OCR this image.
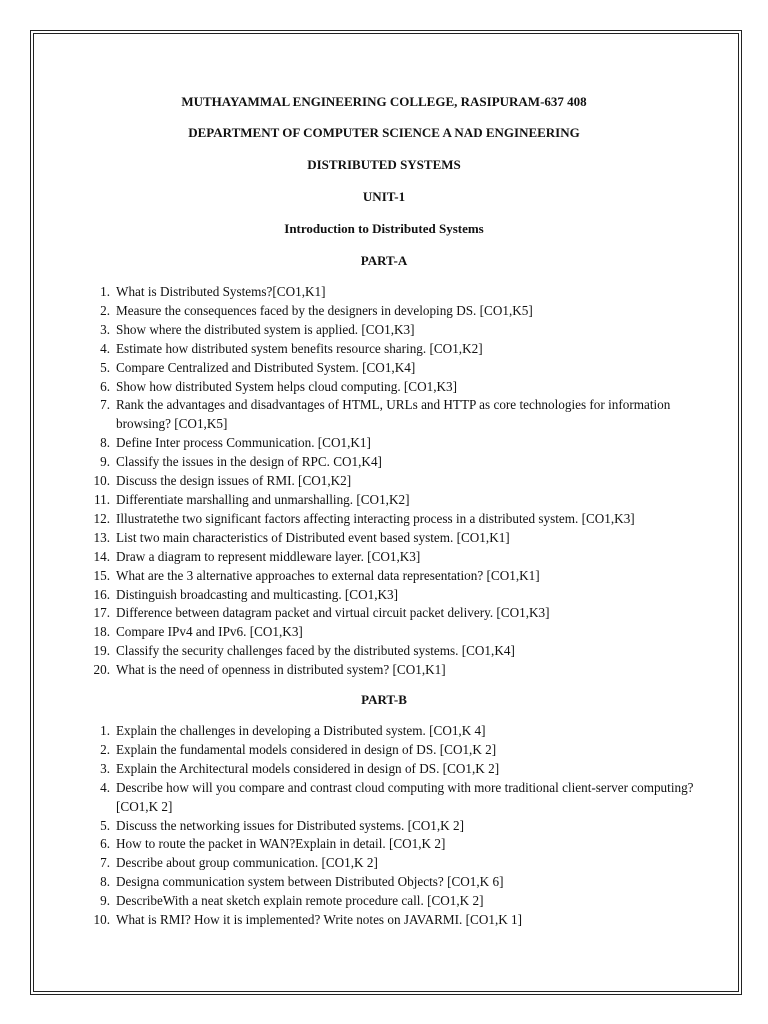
MUTHAYAMMAL ENGINEERING COLLEGE, RASIPURAM-637 408
DEPARTMENT OF COMPUTER SCIENCE A NAD ENGINEERING
DISTRIBUTED SYSTEMS
UNIT-1
Introduction to Distributed Systems
PART-A
1. What is Distributed Systems?[CO1,K1]
2. Measure the consequences faced by the designers in developing DS. [CO1,K5]
3. Show where the distributed system is applied. [CO1,K3]
4. Estimate how distributed system benefits resource sharing. [CO1,K2]
5. Compare Centralized and Distributed System. [CO1,K4]
6. Show how distributed System helps cloud computing. [CO1,K3]
7. Rank the advantages and disadvantages of HTML, URLs and HTTP as core technologies for information browsing? [CO1,K5]
8. Define Inter process Communication. [CO1,K1]
9. Classify the issues in the design of RPC. CO1,K4]
10. Discuss the design issues of RMI. [CO1,K2]
11. Differentiate marshalling and unmarshalling. [CO1,K2]
12. Illustratethe two significant factors affecting interacting process in a distributed system. [CO1,K3]
13. List two main characteristics of Distributed event based system. [CO1,K1]
14. Draw a diagram to represent middleware layer. [CO1,K3]
15. What are the 3 alternative approaches to external data representation? [CO1,K1]
16. Distinguish broadcasting and multicasting. [CO1,K3]
17. Difference between datagram packet and virtual circuit packet delivery. [CO1,K3]
18. Compare IPv4 and IPv6. [CO1,K3]
19. Classify the security challenges faced by the distributed systems. [CO1,K4]
20. What is the need of openness in distributed system? [CO1,K1]
PART-B
1. Explain the challenges in developing a Distributed system. [CO1,K 4]
2. Explain the fundamental models considered in design of DS. [CO1,K 2]
3. Explain the Architectural models considered in design of DS. [CO1,K 2]
4. Describe how will you compare and contrast cloud computing with more traditional client-server computing? [CO1,K 2]
5. Discuss the networking issues for Distributed systems. [CO1,K 2]
6. How to route the packet in WAN?Explain in detail. [CO1,K 2]
7. Describe about group communication. [CO1,K 2]
8. Designa communication system between Distributed Objects? [CO1,K 6]
9. DescribeWith a neat sketch explain remote procedure call. [CO1,K 2]
10. What is RMI? How it is implemented? Write notes on JAVARMI. [CO1,K 1]
